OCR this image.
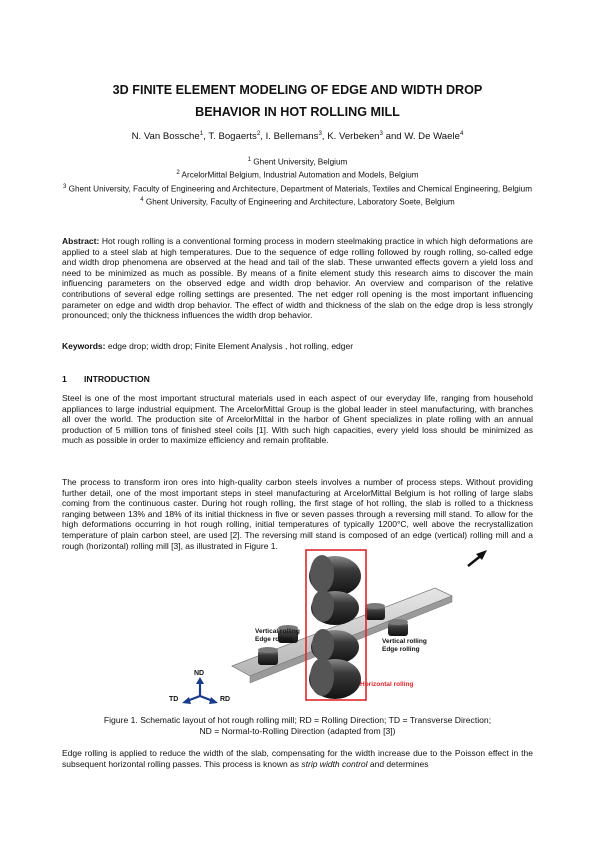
3D FINITE ELEMENT MODELING OF EDGE AND WIDTH DROP
BEHAVIOR IN HOT ROLLING MILL
N. Van Bossche$^1$, T. Bogaerts$^2$, I. Bellemans$^3$, K. Verbeken$^3$ and W. De Waele$^4$
$^1$ Ghent University, Belgium
$^2$ ArcelorMittal Belgium, Industrial Automation and Models, Belgium
$^3$ Ghent University, Faculty of Engineering and Architecture, Department of Materials, Textiles and Chemical Engineering, Belgium
$^4$ Ghent University, Faculty of Engineering and Architecture, Laboratory Soete, Belgium
Abstract: Hot rough rolling is a conventional forming process in modern steelmaking practice in which high deformations are applied to a steel slab at high temperatures. Due to the sequence of edge rolling followed by rough rolling, so-called edge and width drop phenomena are observed at the head and tail of the slab. These unwanted effects govern a yield loss and need to be minimized as much as possible. By means of a finite element study this research aims to discover the main influencing parameters on the observed edge and width drop behavior. An overview and comparison of the relative contributions of several edge rolling settings are presented. The net edger roll opening is the most important influencing parameter on edge and width drop behavior. The effect of width and thickness of the slab on the edge drop is less strongly pronounced; only the thickness influences the width drop behavior.
Keywords: edge drop; width drop; Finite Element Analysis , hot rolling, edger
1 INTRODUCTION
Steel is one of the most important structural materials used in each aspect of our everyday life, ranging from household appliances to large industrial equipment. The ArcelorMittal Group is the global leader in steel manufacturing, with branches all over the world. The production site of ArcelorMittal in the harbor of Ghent specializes in plate rolling with an annual production of 5 million tons of finished steel coils [1]. With such high capacities, every yield loss should be minimized as much as possible in order to maximize efficiency and remain profitable.
The process to transform iron ores into high-quality carbon steels involves a number of process steps. Without providing further detail, one of the most important steps in steel manufacturing at ArcelorMittal Belgium is hot rolling of large slabs coming from the continuous caster. During hot rough rolling, the first stage of hot rolling, the slab is rolled to a thickness ranging between 13% and 18% of its initial thickness in five or seven passes through a reversing mill stand. To allow for the high deformations occurring in hot rough rolling, initial temperatures of typically 1200°C, well above the recrystallization temperature of plain carbon steel, are used [2]. The reversing mill stand is composed of an edge (vertical) rolling mill and a rough (horizontal) rolling mill [3], as illustrated in Figure 1.
Vertical rolling
Edge rolling	Vertical rolling
Edge rolling
Horizontal rolling
ND
TD	RD
Figure 1. Schematic layout of hot rough rolling mill; RD = Rolling Direction; TD = Transverse Direction;
ND = Normal-to-Rolling Direction (adapted from [3])
Edge rolling is applied to reduce the width of the slab, compensating for the width increase due to the Poisson effect in the subsequent horizontal rolling passes. This process is known as strip width control and determines
